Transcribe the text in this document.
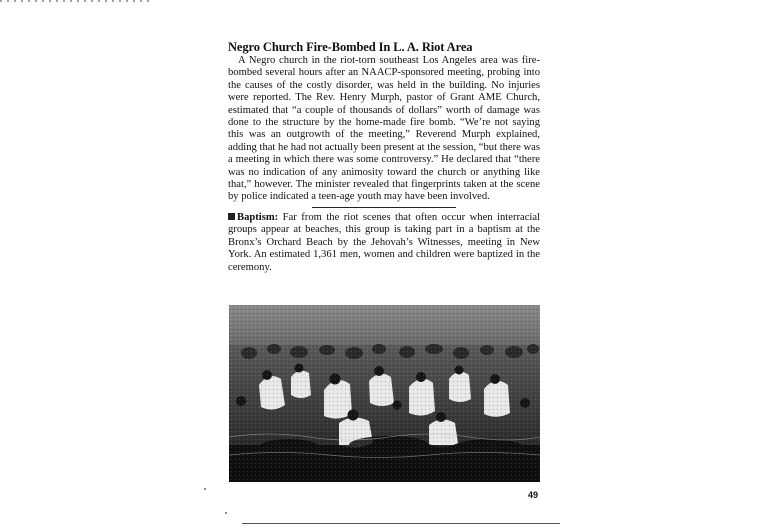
Negro Church Fire-Bombed In L. A. Riot Area

A Negro church in the riot-torn southeast Los Angeles area was fire-bombed several hours after an NAACP-sponsored meeting, probing into the causes of the costly disorder, was held in the building. No injuries were reported. The Rev. Henry Murph, pastor of Grant AME Church, estimated that “a couple of thousands of dollars” worth of damage was done to the structure by the home-made fire bomb. “We’re not saying this was an outgrowth of the meeting,” Reverend Murph explained, adding that he had not actually been present at the session, “but there was a meeting in which there was some controversy.” He declared that “there was no indication of any animosity toward the church or anything like that,” however. The minister revealed that fingerprints taken at the scene by police indicated a teen-age youth may have been involved.

Baptism: Far from the riot scenes that often occur when interracial groups appear at beaches, this group is taking part in a baptism at the Bronx’s Orchard Beach by the Jehovah’s Witnesses, meeting in New York. An estimated 1,361 men, women and children were baptized in the ceremony.

49
